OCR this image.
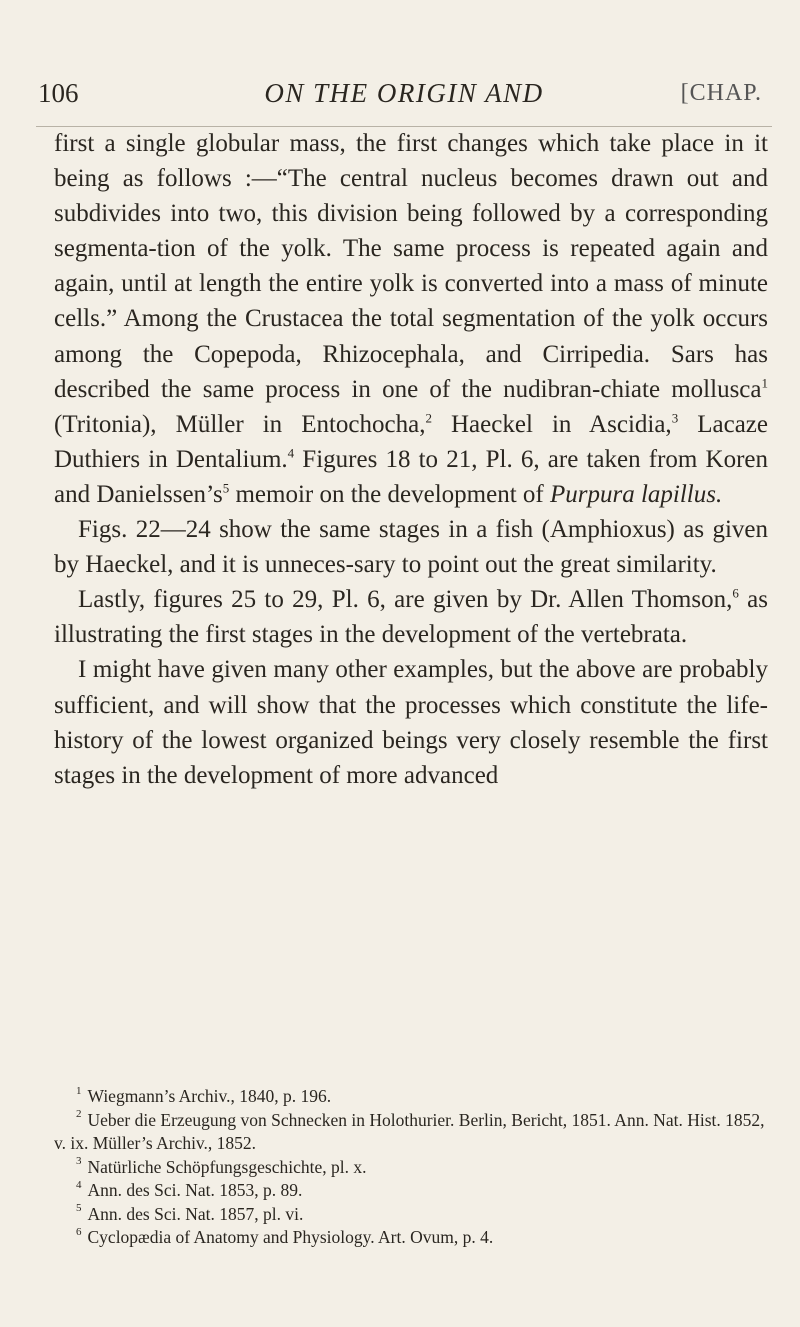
106	ON THE ORIGIN AND	[CHAP.

first a single globular mass, the first changes which take place in it being as follows :—“The central nucleus becomes drawn out and subdivides into two, this division being followed by a corresponding segmenta-tion of the yolk. The same process is repeated again and again, until at length the entire yolk is converted into a mass of minute cells.” Among the Crustacea the total segmentation of the yolk occurs among the Copepoda, Rhizocephala, and Cirripedia. Sars has described the same process in one of the nudibran-chiate mollusca$^1$ (Tritonia), Müller in Entochocha,$^2$ Haeckel in Ascidia,$^3$ Lacaze Duthiers in Dentalium.$^4$ Figures 18 to 21, Pl. 6, are taken from Koren and $Danielssen’s^5$ memoir on the development of Purpura lapillus.

Figs. 22—24 show the same stages in a fish (Amphioxus) as given by Haeckel, and it is unneces-sary to point out the great similarity.

Lastly, figures 25 to 29, Pl. 6, are given by Dr. Allen Thomson,$^6$ as illustrating the first stages in the development of the vertebrata.

I might have given many other examples, but the above are probably sufficient, and will show that the processes which constitute the life-history of the lowest organized beings very closely resemble the first stages in the development of more advanced

$^1$ Wiegmann’s Archiv., 1840, p. 196.

$^2$ Ueber die Erzeugung von Schnecken in Holothurier. Berlin, Bericht, 1851. Ann. Nat. Hist. 1852, v. ix. Müller’s Archiv., 1852.

$^3$ Natürliche Schöpfungsgeschichte, pl. x.

$^4$ Ann. des Sci. Nat. 1853, p. 89.

$^5$ Ann. des Sci. Nat. 1857, pl. vi.

$^6$ Cyclopædia of Anatomy and Physiology. Art. Ovum, p. 4.
